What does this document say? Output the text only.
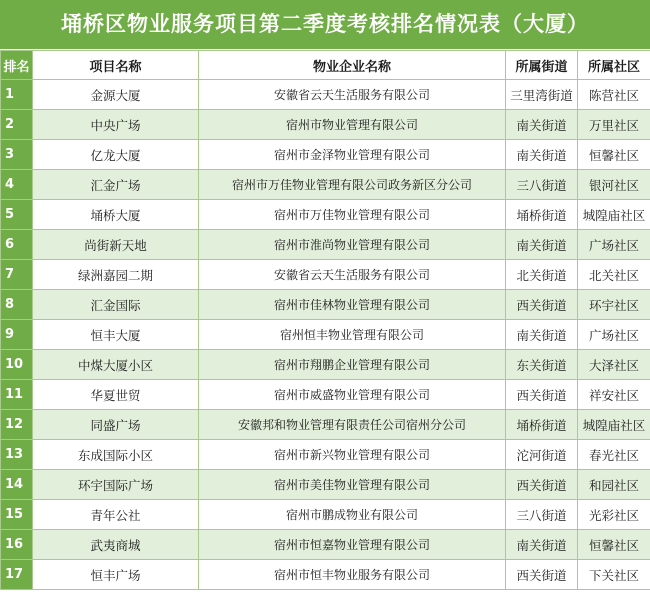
埇桥区物业服务项目第二季度考核排名情况表（大厦）
排名	项目名称	物业企业名称	所属街道	所属社区
1	金源大厦	安徽省云天生活服务有限公司	三里湾街道	陈营社区
2	中央广场	宿州市物业管理有限公司	南关街道	万里社区
3	亿龙大厦	宿州市金泽物业管理有限公司	南关街道	恒馨社区
4	汇金广场	宿州市万佳物业管理有限公司政务新区分公司	三八街道	银河社区
5	埇桥大厦	宿州市万佳物业管理有限公司	埇桥街道	城隍庙社区
6	尚街新天地	宿州市淮尚物业管理有限公司	南关街道	广场社区
7	绿洲嘉园二期	安徽省云天生活服务有限公司	北关街道	北关社区
8	汇金国际	宿州市佳林物业管理有限公司	西关街道	环宇社区
9	恒丰大厦	宿州恒丰物业管理有限公司	南关街道	广场社区
10	中煤大厦小区	宿州市翔鹏企业管理有限公司	东关街道	大泽社区
11	华夏世贸	宿州市威盛物业管理有限公司	西关街道	祥安社区
12	同盛广场	安徽邦和物业管理有限责任公司宿州分公司	埇桥街道	城隍庙社区
13	东成国际小区	宿州市新兴物业管理有限公司	沱河街道	春光社区
14	环宇国际广场	宿州市美佳物业管理有限公司	西关街道	和园社区
15	青年公社	宿州市鹏成物业有限公司	三八街道	光彩社区
16	武夷商城	宿州市恒嘉物业管理有限公司	南关街道	恒馨社区
17	恒丰广场	宿州市恒丰物业服务有限公司	西关街道	下关社区
